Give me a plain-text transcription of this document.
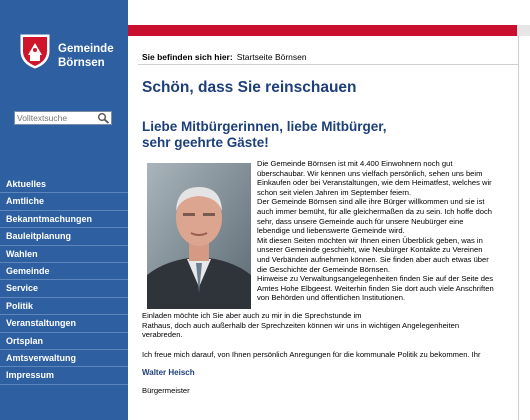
Gemeinde
Börnsen
Volltextsuche
Aktuelles
Amtliche
Bekanntmachungen
Bauleitplanung
Wahlen
Gemeinde
Service
Politik
Veranstaltungen
Ortsplan
Amtsverwaltung
Impressum
Sie befinden sich hier: Startseite Börnsen
Schön, dass Sie reinschauen
Liebe Mitbürgerinnen, liebe Mitbürger,
sehr geehrte Gäste!
Die Gemeinde Börnsen ist mit 4.400 Einwohnern noch gut
überschaubar. Wir kennen uns vielfach persönlich, sehen uns beim
Einkaufen oder bei Veranstaltungen, wie dem Heimatfest, welches wir
schon seit vielen Jahren im September feiern.
Der Gemeinde Börnsen sind alle ihre Bürger willkommen und sie ist
auch immer bemüht, für alle gleichermaßen da zu sein. Ich hoffe doch
sehr, dass unsere Gemeinde auch für unsere Neubürger eine
lebendige und liebenswerte Gemeinde wird.
Mit diesen Seiten möchten wir Ihnen einen Überblick geben, was in
unserer Gemeinde geschieht, wie Neubürger Kontakte zu Vereinen
und Verbänden aufnehmen können. Sie finden aber auch etwas über
die Geschichte der Gemeinde Börnsen.
Hinweise zu Verwaltungsangelegenheiten finden Sie auf der Seite des
Amtes Hohe Elbgeest. Weiterhin finden Sie dort auch viele Anschriften
von Behörden und öffentlichen Institutionen.
Einladen möchte ich Sie aber auch zu mir in die Sprechstunde im
Rathaus, doch auch außerhalb der Sprechzeiten können wir uns in wichtigen Angelegenheiten
verabreden.
Ich freue mich darauf, von Ihnen persönlich Anregungen für die kommunale Politik zu bekommen. Ihr
Walter Heisch
Bürgermeister
